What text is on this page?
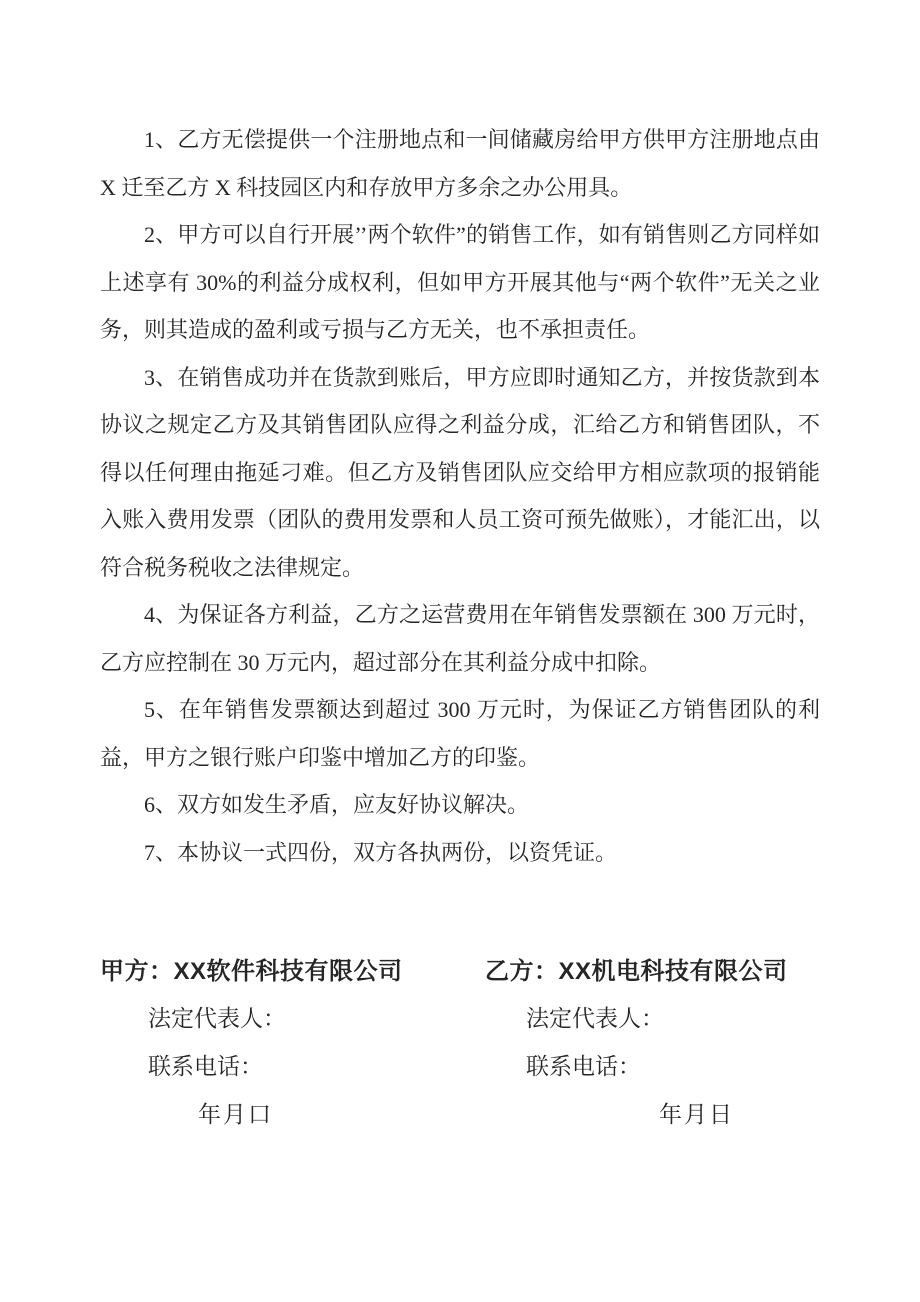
1、乙方无偿提供一个注册地点和一间储藏房给甲方供甲方注册地点由 X 迁至乙方 X 科技园区内和存放甲方多余之办公用具。

2、甲方可以自行开展’’两个软件”的销售工作，如有销售则乙方同样如上述享有 30%的利益分成权利，但如甲方开展其他与“两个软件”无关之业务，则其造成的盈利或亏损与乙方无关，也不承担责任。

3、在销售成功并在货款到账后，甲方应即时通知乙方，并按货款到本协议之规定乙方及其销售团队应得之利益分成，汇给乙方和销售团队，不得以任何理由拖延刁难。但乙方及销售团队应交给甲方相应款项的报销能入账入费用发票（团队的费用发票和人员工资可预先做账），才能汇出，以符合税务税收之法律规定。

4、为保证各方利益，乙方之运营费用在年销售发票额在 300 万元时，乙方应控制在 30 万元内，超过部分在其利益分成中扣除。

5、在年销售发票额达到超过 300 万元时，为保证乙方销售团队的利益，甲方之银行账户印鉴中增加乙方的印鉴。

6、双方如发生矛盾，应友好协议解决。

7、本协议一式四份，双方各执两份，以资凭证。

甲方：XX软件科技有限公司
法定代表人：
联系电话：
年月口
乙方：XX机电科技有限公司
法定代表人：
联系电话：
年月日
